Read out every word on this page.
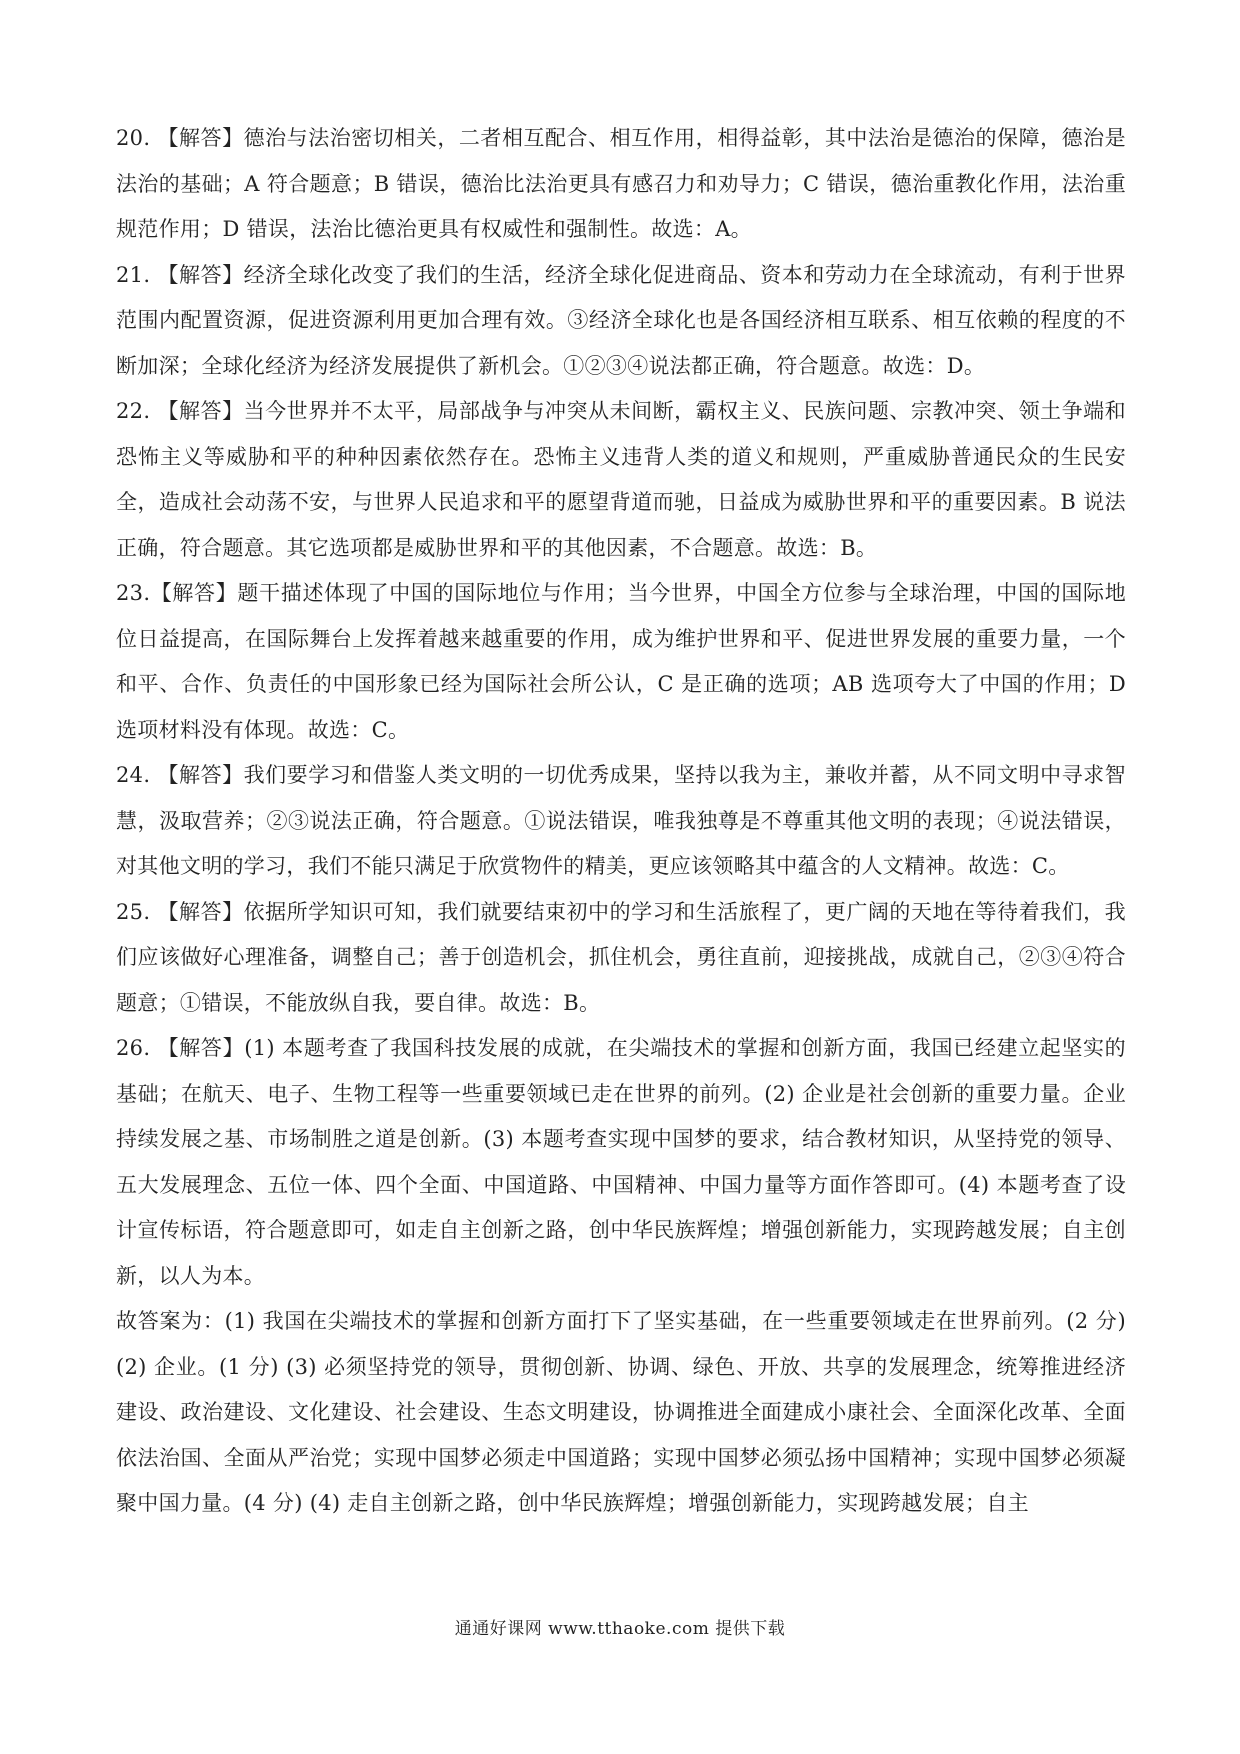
20. 【解答】德治与法治密切相关，二者相互配合、相互作用，相得益彰，其中法治是德治的保障，德治是法治的基础；A 符合题意；B 错误，德治比法治更具有感召力和劝导力；C 错误，德治重教化作用，法治重规范作用；D 错误，法治比德治更具有权威性和强制性。故选：A。

21. 【解答】经济全球化改变了我们的生活，经济全球化促进商品、资本和劳动力在全球流动，有利于世界范围内配置资源，促进资源利用更加合理有效。③经济全球化也是各国经济相互联系、相互依赖的程度的不断加深；全球化经济为经济发展提供了新机会。①②③④说法都正确，符合题意。故选：D。

22. 【解答】当今世界并不太平，局部战争与冲突从未间断，霸权主义、民族问题、宗教冲突、领土争端和恐怖主义等威胁和平的种种因素依然存在。恐怖主义违背人类的道义和规则，严重威胁普通民众的生民安全，造成社会动荡不安，与世界人民追求和平的愿望背道而驰，日益成为威胁世界和平的重要因素。B 说法正确，符合题意。其它选项都是威胁世界和平的其他因素，不合题意。故选：B。

23.【解答】题干描述体现了中国的国际地位与作用；当今世界，中国全方位参与全球治理，中国的国际地位日益提高，在国际舞台上发挥着越来越重要的作用，成为维护世界和平、促进世界发展的重要力量，一个和平、合作、负责任的中国形象已经为国际社会所公认，C 是正确的选项；AB 选项夸大了中国的作用；D 选项材料没有体现。故选：C。

24. 【解答】我们要学习和借鉴人类文明的一切优秀成果，坚持以我为主，兼收并蓄，从不同文明中寻求智慧，汲取营养；②③说法正确，符合题意。①说法错误，唯我独尊是不尊重其他文明的表现；④说法错误，对其他文明的学习，我们不能只满足于欣赏物件的精美，更应该领略其中蕴含的人文精神。故选：C。

25. 【解答】依据所学知识可知，我们就要结束初中的学习和生活旅程了，更广阔的天地在等待着我们，我们应该做好心理准备，调整自己；善于创造机会，抓住机会，勇往直前，迎接挑战，成就自己，②③④符合题意；①错误，不能放纵自我，要自律。故选：B。

26. 【解答】(1) 本题考查了我国科技发展的成就，在尖端技术的掌握和创新方面，我国已经建立起坚实的基础；在航天、电子、生物工程等一些重要领域已走在世界的前列。(2) 企业是社会创新的重要力量。企业持续发展之基、市场制胜之道是创新。(3) 本题考查实现中国梦的要求，结合教材知识，从坚持党的领导、五大发展理念、五位一体、四个全面、中国道路、中国精神、中国力量等方面作答即可。(4) 本题考查了设计宣传标语，符合题意即可，如走自主创新之路，创中华民族辉煌；增强创新能力，实现跨越发展；自主创新，以人为本。

故答案为：(1) 我国在尖端技术的掌握和创新方面打下了坚实基础，在一些重要领域走在世界前列。(2 分) (2) 企业。(1 分) (3) 必须坚持党的领导，贯彻创新、协调、绿色、开放、共享的发展理念，统筹推进经济建设、政治建设、文化建设、社会建设、生态文明建设，协调推进全面建成小康社会、全面深化改革、全面依法治国、全面从严治党；实现中国梦必须走中国道路；实现中国梦必须弘扬中国精神；实现中国梦必须凝聚中国力量。(4 分) (4) 走自主创新之路，创中华民族辉煌；增强创新能力，实现跨越发展；自主

通通好课网 www.tthaoke.com 提供下载
